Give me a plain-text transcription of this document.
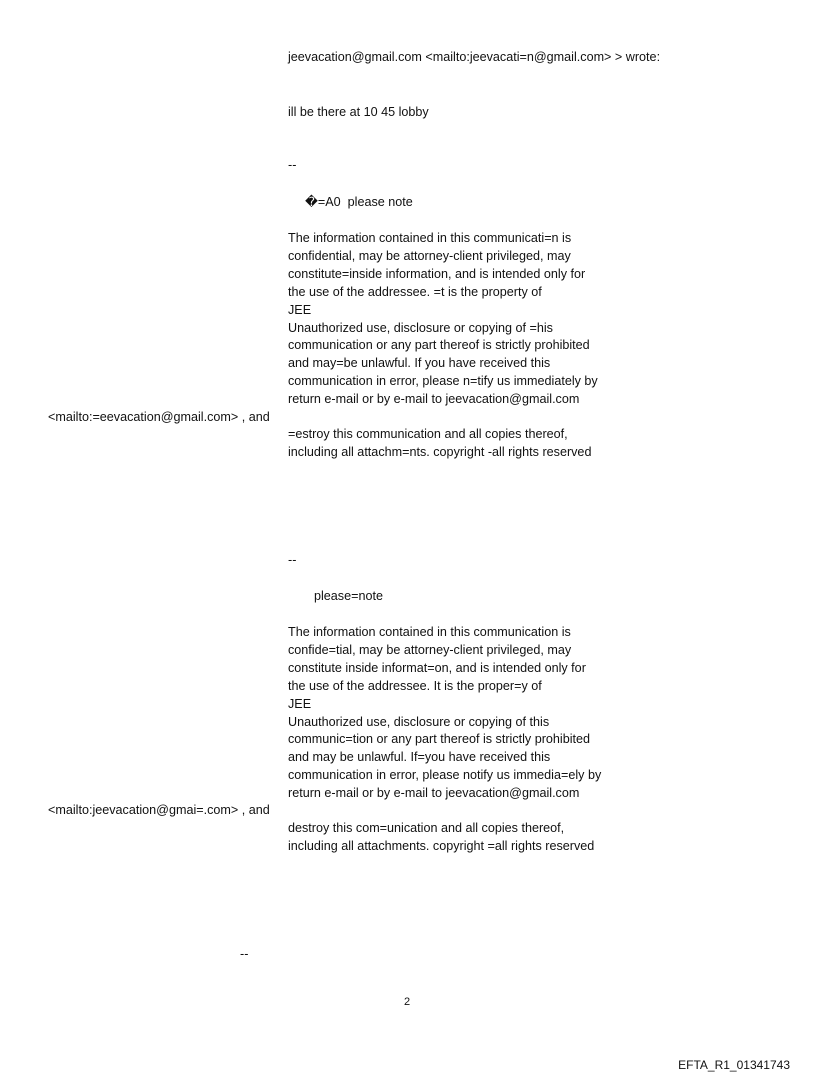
jeevacation@gmail.com <mailto:jeevacati=n@gmail.com> > wrote:
ill be there at 10 45 lobby
--
�=A0  please note
The information contained in this communicati=n is
confidential, may be attorney-client privileged, may
constitute=inside information, and is intended only for
the use of the addressee. =t is the property of
JEE
Unauthorized use, disclosure or copying of =his
communication or any part thereof is strictly prohibited
and may=be unlawful. If you have received this
communication in error, please n=tify us immediately by
return e-mail or by e-mail to jeevacation@gmail.com
<mailto:=eevacation@gmail.com> , and
=estroy this communication and all copies thereof,
including all attachm=nts. copyright -all rights reserved
--
please=note
The information contained in this communication is
confide=tial, may be attorney-client privileged, may
constitute inside informat=on, and is intended only for
the use of the addressee. It is the proper=y of
JEE
Unauthorized use, disclosure or copying of this
communic=tion or any part thereof is strictly prohibited
and may be unlawful. If=you have received this
communication in error, please notify us immedia=ely by
return e-mail or by e-mail to jeevacation@gmail.com
<mailto:jeevacation@gmai=.com> , and
destroy this com=unication and all copies thereof,
including all attachments. copyright =all rights reserved
--
2
EFTA_R1_01341743
